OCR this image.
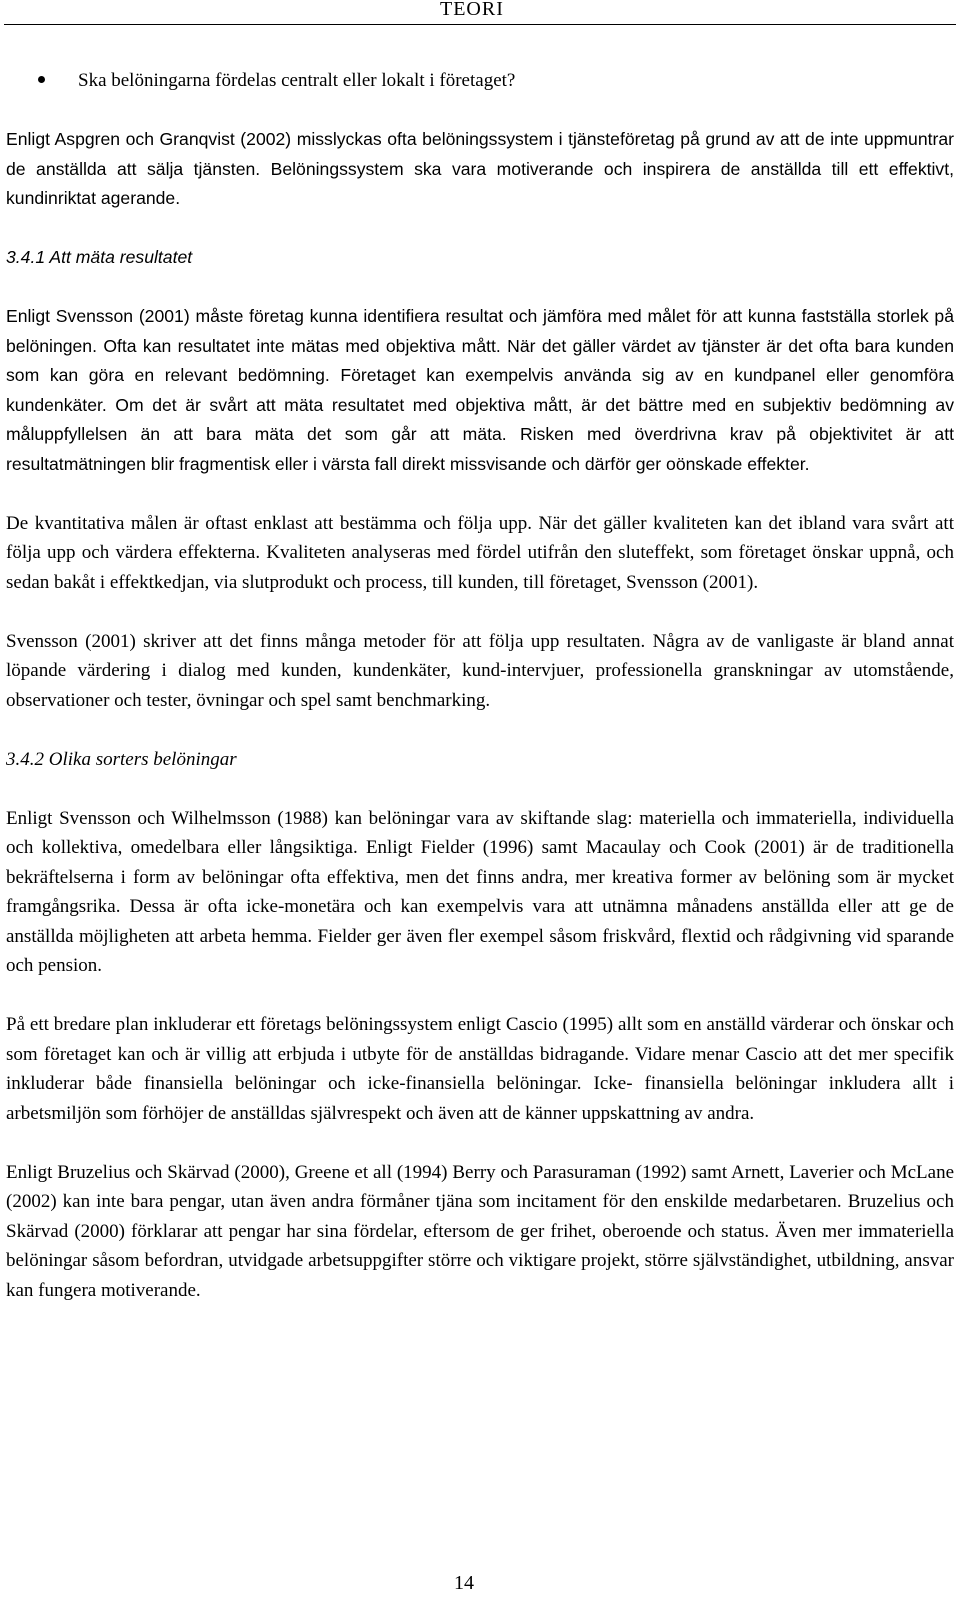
TEORI
Ska belöningarna fördelas centralt eller lokalt i företaget?

Enligt Aspgren och Granqvist (2002) misslyckas ofta belöningssystem i tjänsteföretag på grund av att de inte uppmuntrar de anställda att sälja tjänsten. Belöningssystem ska vara motiverande och inspirera de anställda till ett effektivt, kundinriktat agerande.

3.4.1 Att mäta resultatet

Enligt Svensson (2001) måste företag kunna identifiera resultat och jämföra med målet för att kunna fastställa storlek på belöningen. Ofta kan resultatet inte mätas med objektiva mått. När det gäller värdet av tjänster är det ofta bara kunden som kan göra en relevant bedömning. Företaget kan exempelvis använda sig av en kundpanel eller genomföra kundenkäter. Om det är svårt att mäta resultatet med objektiva mått, är det bättre med en subjektiv bedömning av måluppfyllelsen än att bara mäta det som går att mäta. Risken med överdrivna krav på objektivitet är att resultatmätningen blir fragmentisk eller i värsta fall direkt missvisande och därför ger oönskade effekter.

De kvantitativa målen är oftast enklast att bestämma och följa upp. När det gäller kvaliteten kan det ibland vara svårt att följa upp och värdera effekterna. Kvaliteten analyseras med fördel utifrån den sluteffekt, som företaget önskar uppnå, och sedan bakåt i effektkedjan, via slutprodukt och process, till kunden, till företaget, Svensson (2001).

Svensson (2001) skriver att det finns många metoder för att följa upp resultaten. Några av de vanligaste är bland annat löpande värdering i dialog med kunden, kundenkäter, kund-intervjuer, professionella granskningar av utomstående, observationer och tester, övningar och spel samt benchmarking.

3.4.2 Olika sorters belöningar

Enligt Svensson och Wilhelmsson (1988) kan belöningar vara av skiftande slag: materiella och immateriella, individuella och kollektiva, omedelbara eller långsiktiga. Enligt Fielder (1996) samt Macaulay och Cook (2001) är de traditionella bekräftelserna i form av belöningar ofta effektiva, men det finns andra, mer kreativa former av belöning som är mycket framgångsrika. Dessa är ofta icke-monetära och kan exempelvis vara att utnämna månadens anställda eller att ge de anställda möjligheten att arbeta hemma. Fielder ger även fler exempel såsom friskvård, flextid och rådgivning vid sparande och pension.

På ett bredare plan inkluderar ett företags belöningssystem enligt Cascio (1995) allt som en anställd värderar och önskar och som företaget kan och är villig att erbjuda i utbyte för de anställdas bidragande. Vidare menar Cascio att det mer specifik inkluderar både finansiella belöningar och icke-finansiella belöningar. Icke- finansiella belöningar inkludera allt i arbetsmiljön som förhöjer de anställdas självrespekt och även att de känner uppskattning av andra.

Enligt Bruzelius och Skärvad (2000), Greene et all (1994) Berry och Parasuraman (1992) samt Arnett, Laverier och McLane (2002) kan inte bara pengar, utan även andra förmåner tjäna som incitament för den enskilde medarbetaren. Bruzelius och Skärvad (2000) förklarar att pengar har sina fördelar, eftersom de ger frihet, oberoende och status. Även mer immateriella belöningar såsom befordran, utvidgade arbetsuppgifter större och viktigare projekt, större självständighet, utbildning, ansvar kan fungera motiverande.

14
